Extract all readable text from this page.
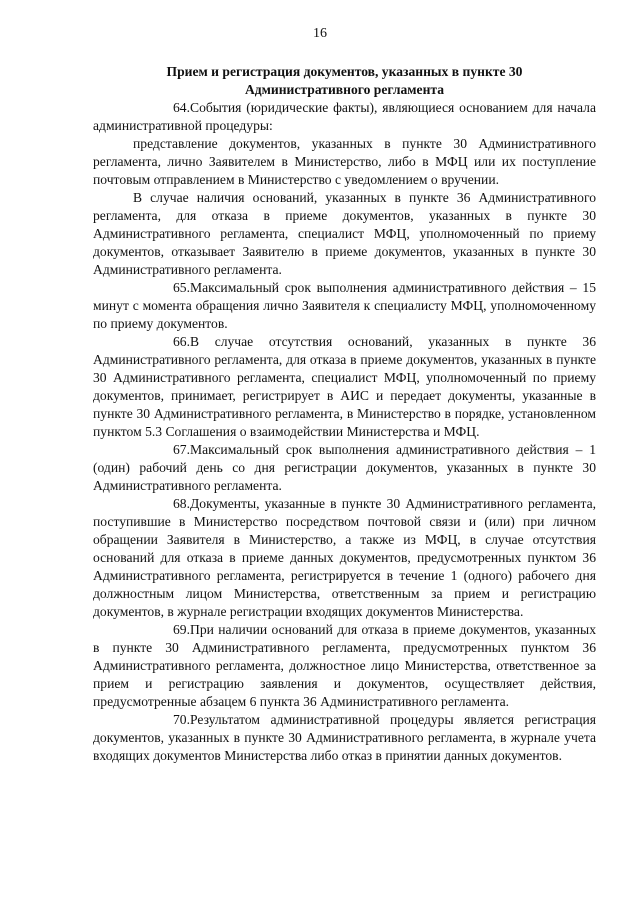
16
Прием и регистрация документов, указанных в пункте 30
Административного регламента

64.События (юридические факты), являющиеся основанием для начала административной процедуры:

представление документов, указанных в пункте 30 Административного регламента, лично Заявителем в Министерство, либо в МФЦ или их поступление почтовым отправлением в Министерство с уведомлением о вручении.

В случае наличия оснований, указанных в пункте 36 Административного регламента, для отказа в приеме документов, указанных в пункте 30 Административного регламента, специалист МФЦ, уполномоченный по приему документов, отказывает Заявителю в приеме документов, указанных в пункте 30 Административного регламента.

65.Максимальный срок выполнения административного действия – 15 минут с момента обращения лично Заявителя к специалисту МФЦ, уполномоченному по приему документов.

66.В случае отсутствия оснований, указанных в пункте 36 Административного регламента, для отказа в приеме документов, указанных в пункте 30 Административного регламента, специалист МФЦ, уполномоченный по приему документов, принимает, регистрирует в АИС и передает документы, указанные в пункте 30 Административного регламента, в Министерство в порядке, установленном пунктом 5.3 Соглашения о взаимодействии Министерства и МФЦ.

67.Максимальный срок выполнения административного действия – 1 (один) рабочий день со дня регистрации документов, указанных в пункте 30 Административного регламента.

68.Документы, указанные в пункте 30 Административного регламента, поступившие в Министерство посредством почтовой связи и (или) при личном обращении Заявителя в Министерство, а также из МФЦ, в случае отсутствия оснований для отказа в приеме данных документов, предусмотренных пунктом 36 Административного регламента, регистрируется в течение 1 (одного) рабочего дня должностным лицом Министерства, ответственным за прием и регистрацию документов, в журнале регистрации входящих документов Министерства.

69.При наличии оснований для отказа в приеме документов, указанных в пункте 30 Административного регламента, предусмотренных пунктом 36 Административного регламента, должностное лицо Министерства, ответственное за прием и регистрацию заявления и документов, осуществляет действия, предусмотренные абзацем 6 пункта 36 Административного регламента.

70.Результатом административной процедуры является регистрация документов, указанных в пункте 30 Административного регламента, в журнале учета входящих документов Министерства либо отказ в принятии данных документов.
